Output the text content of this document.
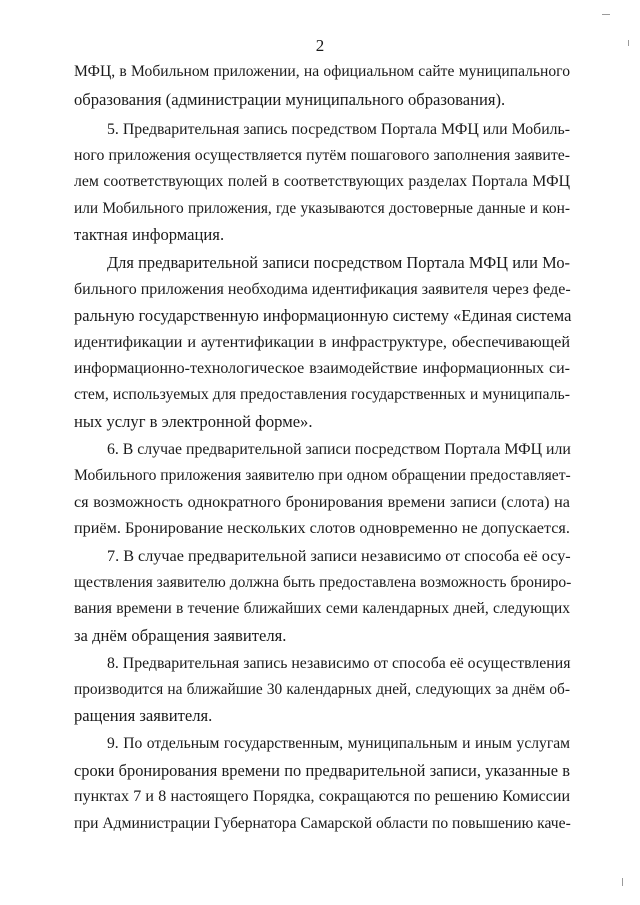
2
МФЦ, в Мобильном приложении, на официальном сайте муниципального
образования (администрации муниципального образования).
5. Предварительная запись посредством Портала МФЦ или Мобиль-
ного приложения осуществляется путём пошагового заполнения заявите-
лем соответствующих полей в соответствующих разделах Портала МФЦ
или Мобильного приложения, где указываются достоверные данные и кон-
тактная информация.
Для предварительной записи посредством Портала МФЦ или Мо-
бильного приложения необходима идентификация заявителя через феде-
ральную государственную информационную систему «Единая система
идентификации и аутентификации в инфраструктуре, обеспечивающей
информационно-технологическое взаимодействие информационных си-
стем, используемых для предоставления государственных и муниципаль-
ных услуг в электронной форме».
6. В случае предварительной записи посредством Портала МФЦ или
Мобильного приложения заявителю при одном обращении предоставляет-
ся возможность однократного бронирования времени записи (слота) на
приём. Бронирование нескольких слотов одновременно не допускается.
7. В случае предварительной записи независимо от способа её осу-
ществления заявителю должна быть предоставлена возможность брониро-
вания времени в течение ближайших семи календарных дней, следующих
за днём обращения заявителя.
8. Предварительная запись независимо от способа её осуществления
производится на ближайшие 30 календарных дней, следующих за днём об-
ращения заявителя.
9. По отдельным государственным, муниципальным и иным услугам
сроки бронирования времени по предварительной записи, указанные в
пунктах 7 и 8 настоящего Порядка, сокращаются по решению Комиссии
при Администрации Губернатора Самарской области по повышению каче-
